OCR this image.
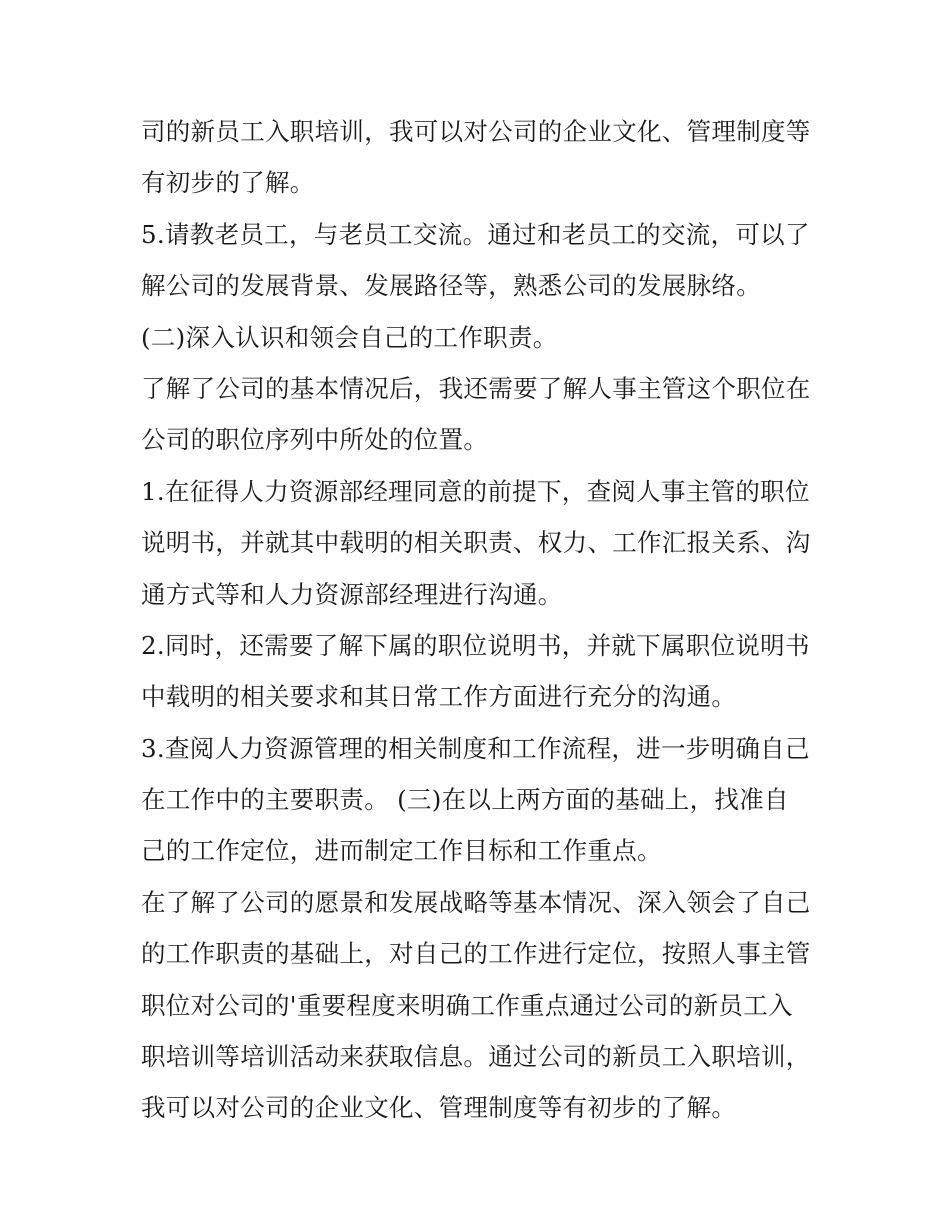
司的新员工入职培训，我可以对公司的企业文化、管理制度等
有初步的了解。
5.请教老员工，与老员工交流。通过和老员工的交流，可以了
解公司的发展背景、发展路径等，熟悉公司的发展脉络。
(二)深入认识和领会自己的工作职责。
了解了公司的基本情况后，我还需要了解人事主管这个职位在
公司的职位序列中所处的位置。
1.在征得人力资源部经理同意的前提下，查阅人事主管的职位
说明书，并就其中载明的相关职责、权力、工作汇报关系、沟
通方式等和人力资源部经理进行沟通。
2.同时，还需要了解下属的职位说明书，并就下属职位说明书
中载明的相关要求和其日常工作方面进行充分的沟通。
3.查阅人力资源管理的相关制度和工作流程，进一步明确自己
在工作中的主要职责。 (三)在以上两方面的基础上，找准自
己的工作定位，进而制定工作目标和工作重点。
在了解了公司的愿景和发展战略等基本情况、深入领会了自己
的工作职责的基础上，对自己的工作进行定位，按照人事主管
职位对公司的'重要程度来明确工作重点通过公司的新员工入
职培训等培训活动来获取信息。通过公司的新员工入职培训，
我可以对公司的企业文化、管理制度等有初步的了解。
